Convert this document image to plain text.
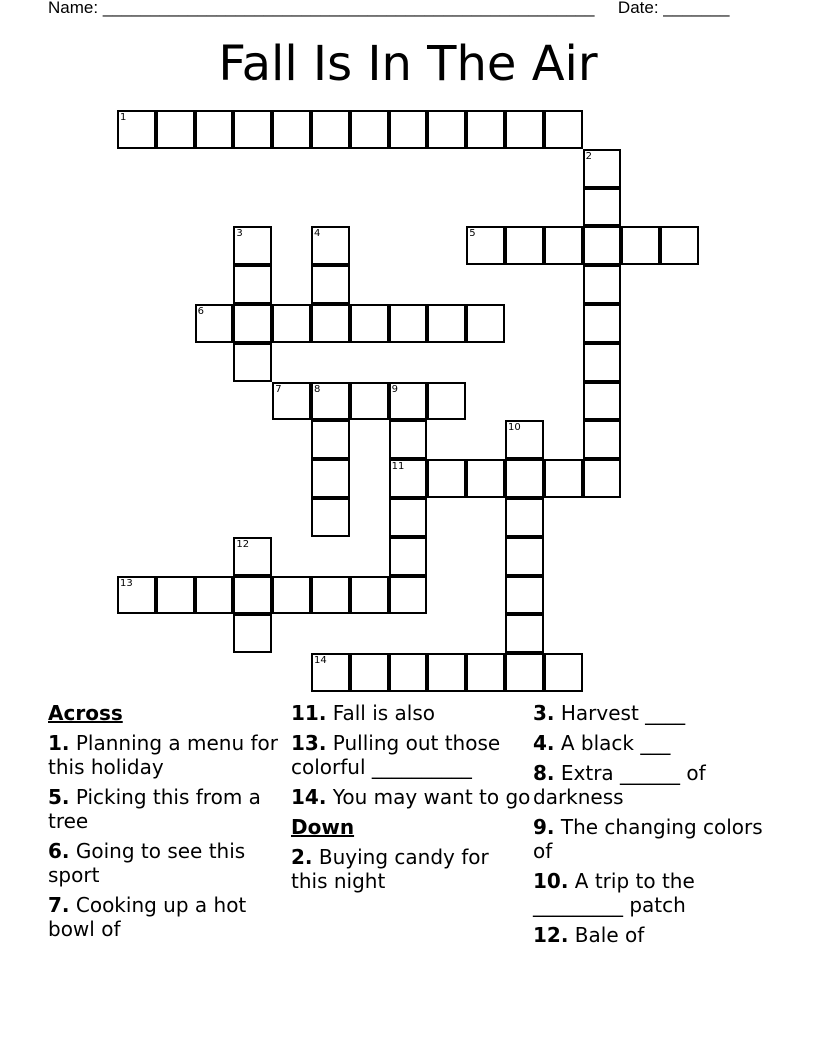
Name: ____________________________________________________ Date: _______
Fall Is In The Air
1
2
3	4	5
6
7	8	9
11
10
12
13
14
Across
1. Planning a menu for this holiday
5. Picking this from a tree
6. Going to see this sport
7. Cooking up a hot bowl of
11. Fall is also
13. Pulling out those colorful __________
14. You may want to go
Down
2. Buying candy for this night
3. Harvest ____
4. A black ___
8. Extra ______ of darkness
9. The changing colors of
10. A trip to the _________ patch
12. Bale of
